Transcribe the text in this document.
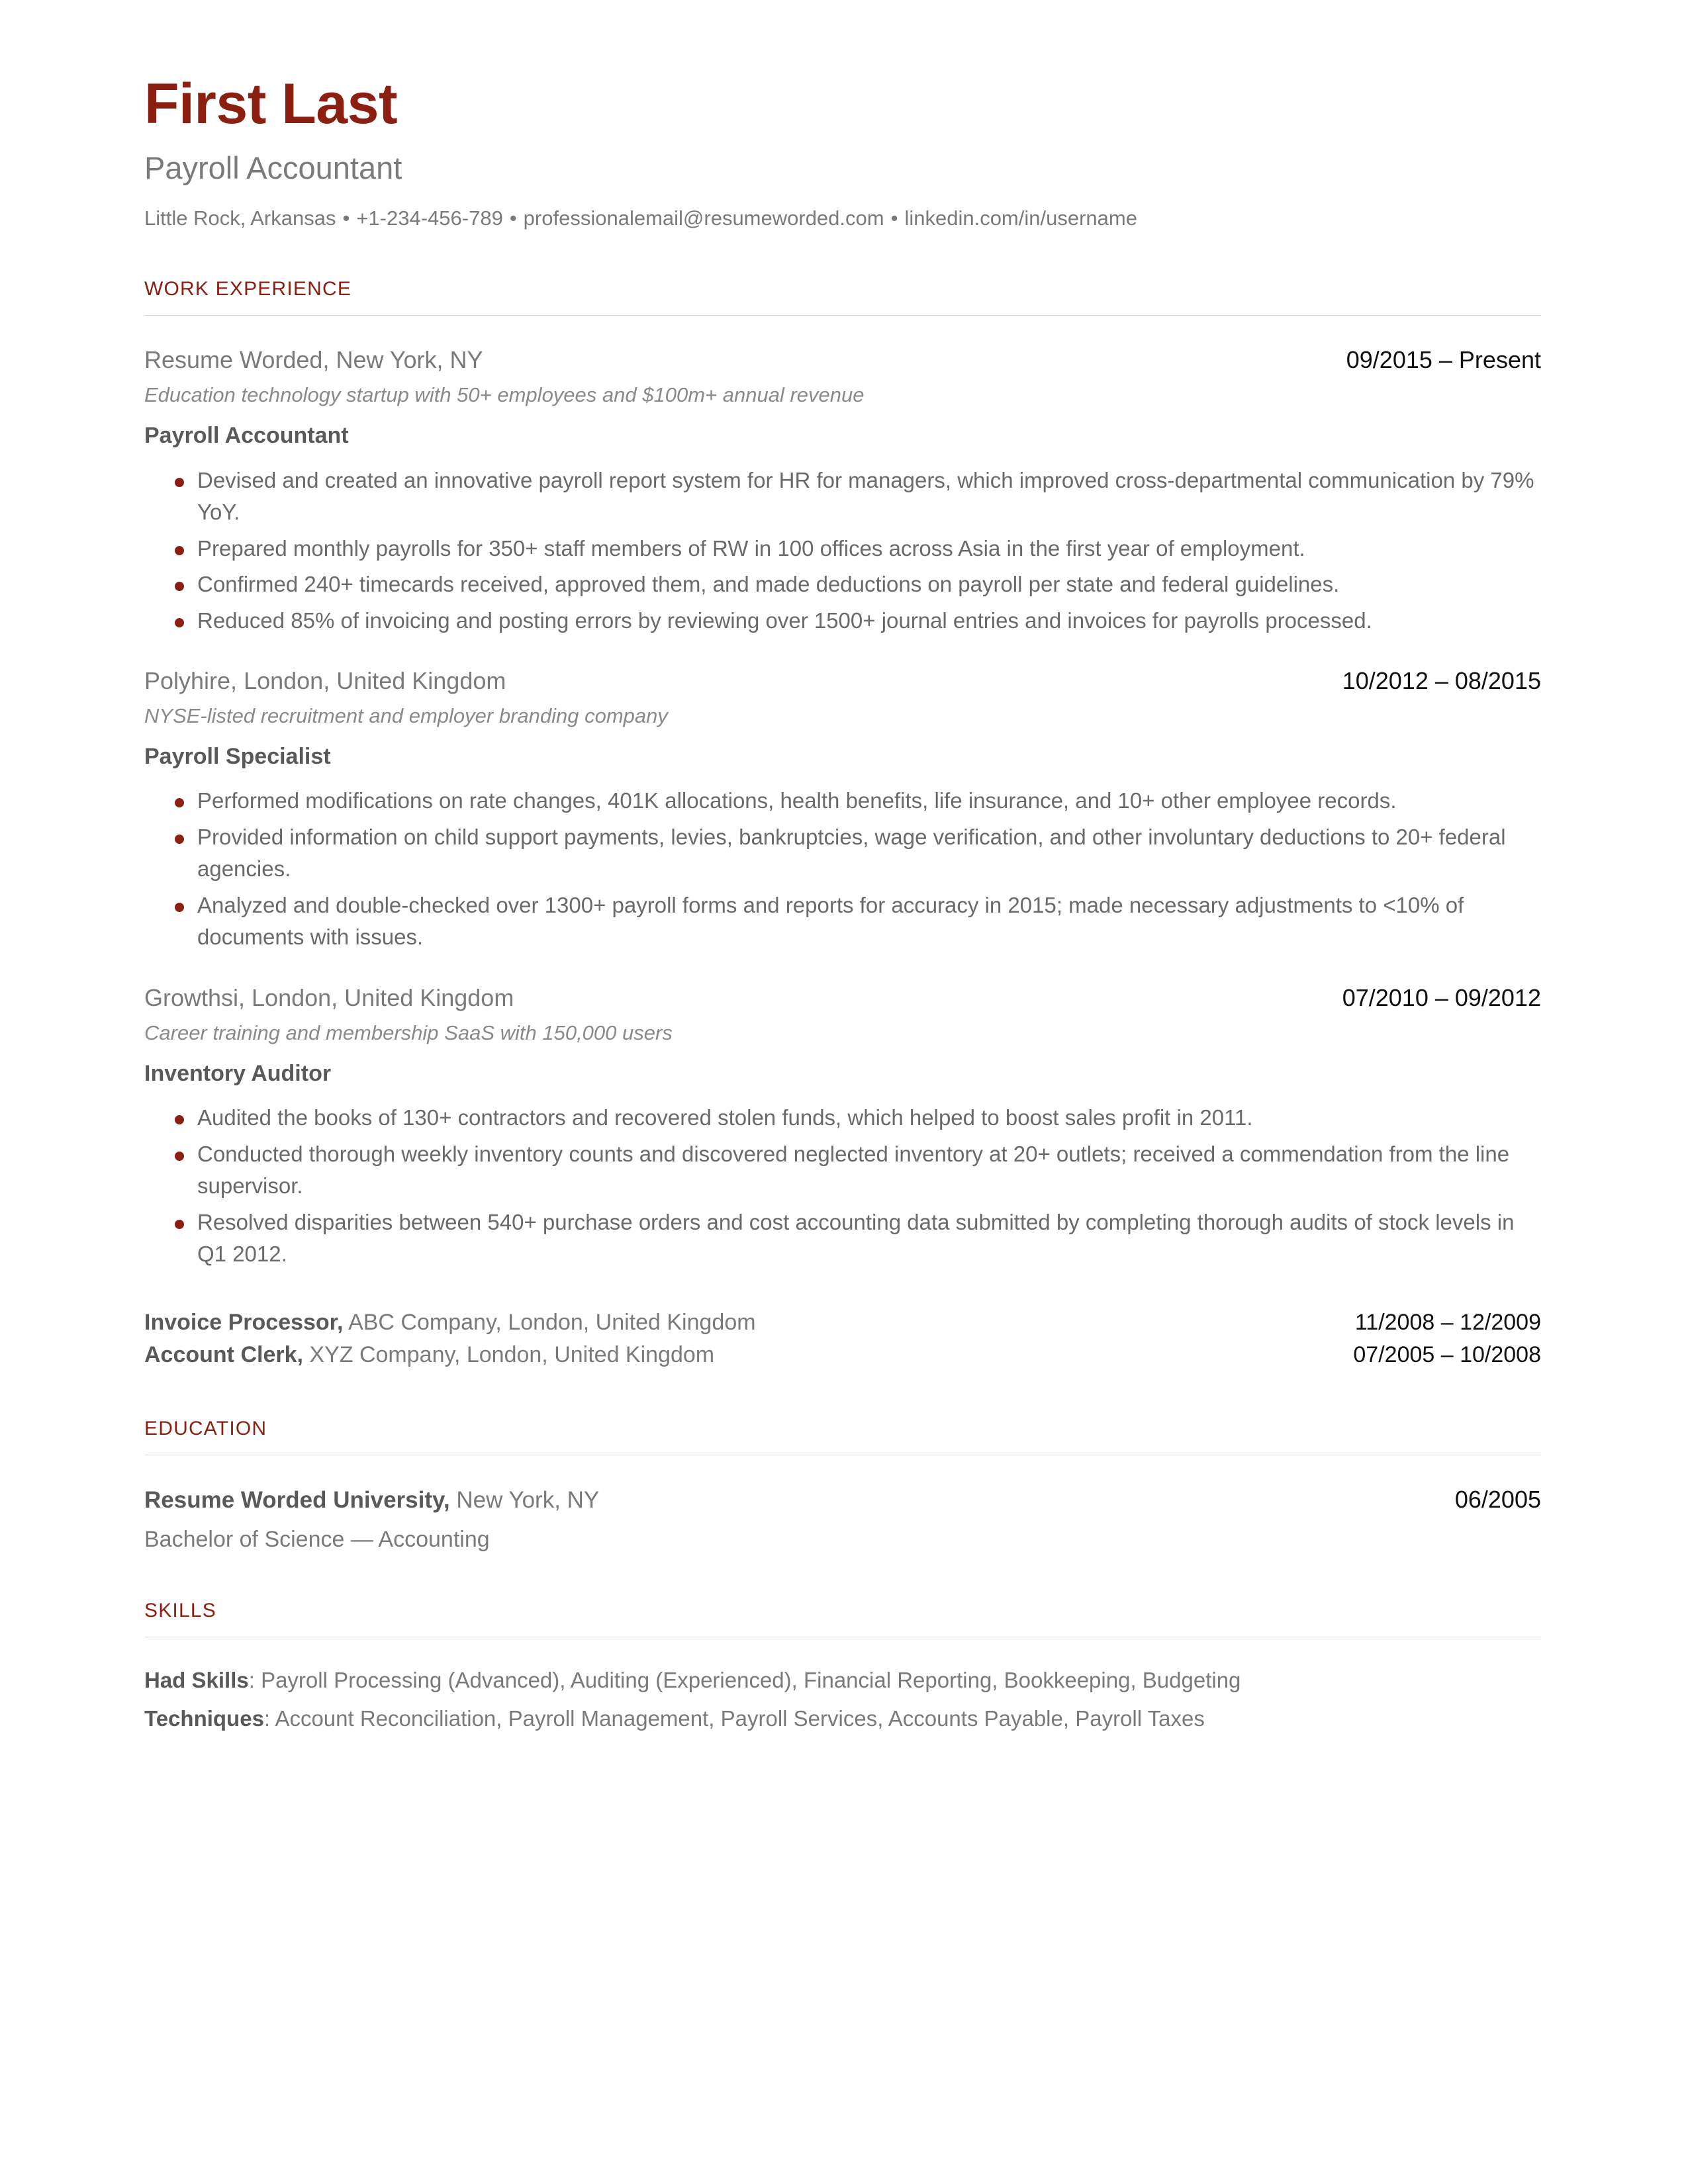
First Last
Payroll Accountant
Little Rock, Arkansas • +1-234-456-789 • professionalemail@resumeworded.com • linkedin.com/in/username
WORK EXPERIENCE
Resume Worded, New York, NY	09/2015 – Present
Education technology startup with 50+ employees and $100m+ annual revenue
Payroll Accountant
Devised and created an innovative payroll report system for HR for managers, which improved cross-departmental communication by 79% YoY.
Prepared monthly payrolls for 350+ staff members of RW in 100 offices across Asia in the first year of employment.
Confirmed 240+ timecards received, approved them, and made deductions on payroll per state and federal guidelines.
Reduced 85% of invoicing and posting errors by reviewing over 1500+ journal entries and invoices for payrolls processed.
Polyhire, London, United Kingdom	10/2012 – 08/2015
NYSE-listed recruitment and employer branding company
Payroll Specialist
Performed modifications on rate changes, 401K allocations, health benefits, life insurance, and 10+ other employee records.
Provided information on child support payments, levies, bankruptcies, wage verification, and other involuntary deductions to 20+ federal agencies.
Analyzed and double-checked over 1300+ payroll forms and reports for accuracy in 2015; made necessary adjustments to <10% of documents with issues.
Growthsi, London, United Kingdom	07/2010 – 09/2012
Career training and membership SaaS with 150,000 users
Inventory Auditor
Audited the books of 130+ contractors and recovered stolen funds, which helped to boost sales profit in 2011.
Conducted thorough weekly inventory counts and discovered neglected inventory at 20+ outlets; received a commendation from the line supervisor.
Resolved disparities between 540+ purchase orders and cost accounting data submitted by completing thorough audits of stock levels in Q1 2012.
Invoice Processor, ABC Company, London, United Kingdom	11/2008 – 12/2009
Account Clerk, XYZ Company, London, United Kingdom	07/2005 – 10/2008
EDUCATION
Resume Worded University, New York, NY	06/2005
Bachelor of Science — Accounting
SKILLS
Had Skills: Payroll Processing (Advanced), Auditing (Experienced), Financial Reporting, Bookkeeping, Budgeting
Techniques: Account Reconciliation, Payroll Management, Payroll Services, Accounts Payable, Payroll Taxes
